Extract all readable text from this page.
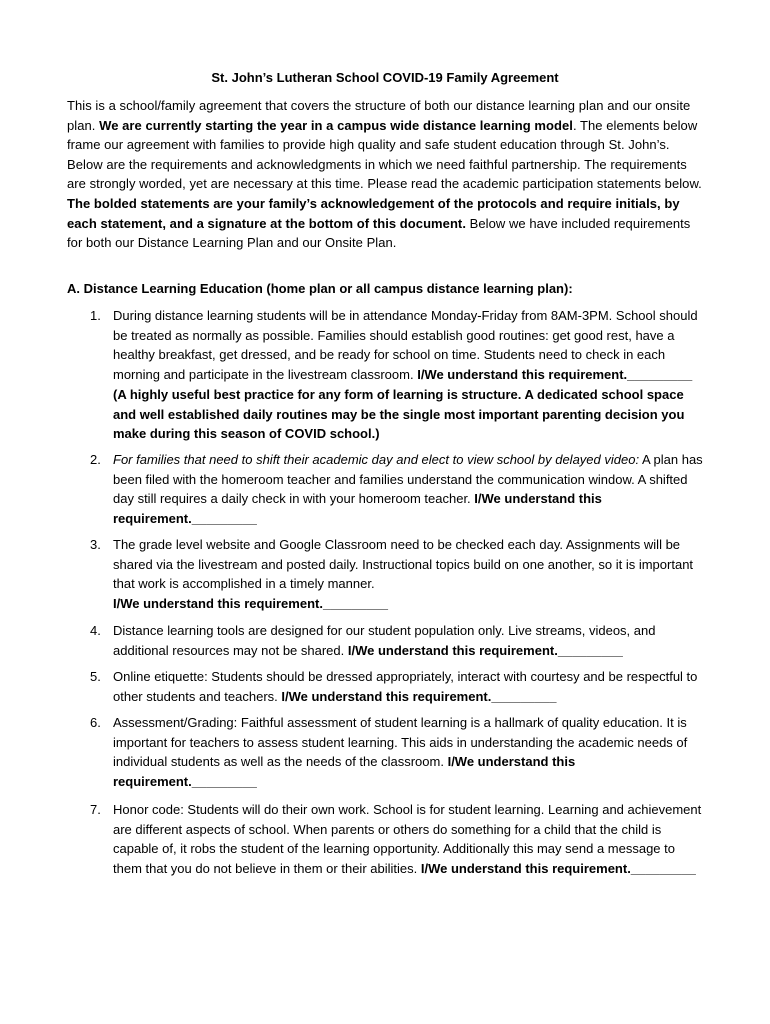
St. John’s Lutheran School COVID-19 Family Agreement

This is a school/family agreement that covers the structure of both our distance learning plan and our onsite plan. We are currently starting the year in a campus wide distance learning model. The elements below frame our agreement with families to provide high quality and safe student education through St. John’s. Below are the requirements and acknowledgments in which we need faithful partnership. The requirements are strongly worded, yet are necessary at this time. Please read the academic participation statements below. The bolded statements are your family’s acknowledgement of the protocols and require initials, by each statement, and a signature at the bottom of this document. Below we have included requirements for both our Distance Learning Plan and our Onsite Plan.

A. Distance Learning Education (home plan or all campus distance learning plan):
1. During distance learning students will be in attendance Monday-Friday from 8AM-3PM. School should be treated as normally as possible. Families should establish good routines: get good rest, have a healthy breakfast, get dressed, and be ready for school on time. Students need to check in each morning and participate in the livestream classroom. I/We understand this requirement._________ (A highly useful best practice for any form of learning is structure. A dedicated school space and well established daily routines may be the single most important parenting decision you make during this season of COVID school.)
2. For families that need to shift their academic day and elect to view school by delayed video: A plan has been filed with the homeroom teacher and families understand the communication window. A shifted day still requires a daily check in with your homeroom teacher. I/We understand this requirement._________
3. The grade level website and Google Classroom need to be checked each day. Assignments will be shared via the livestream and posted daily. Instructional topics build on one another, so it is important that work is accomplished in a timely manner.
I/We understand this requirement._________
4. Distance learning tools are designed for our student population only. Live streams, videos, and additional resources may not be shared. I/We understand this requirement._________
5. Online etiquette: Students should be dressed appropriately, interact with courtesy and be respectful to other students and teachers. I/We understand this requirement._________
6. Assessment/Grading: Faithful assessment of student learning is a hallmark of quality education. It is important for teachers to assess student learning. This aids in understanding the academic needs of individual students as well as the needs of the classroom. I/We understand this requirement._________
7. Honor code: Students will do their own work. School is for student learning. Learning and achievement are different aspects of school. When parents or others do something for a child that the child is capable of, it robs the student of the learning opportunity. Additionally this may send a message to them that you do not believe in them or their abilities. I/We understand this requirement._________
